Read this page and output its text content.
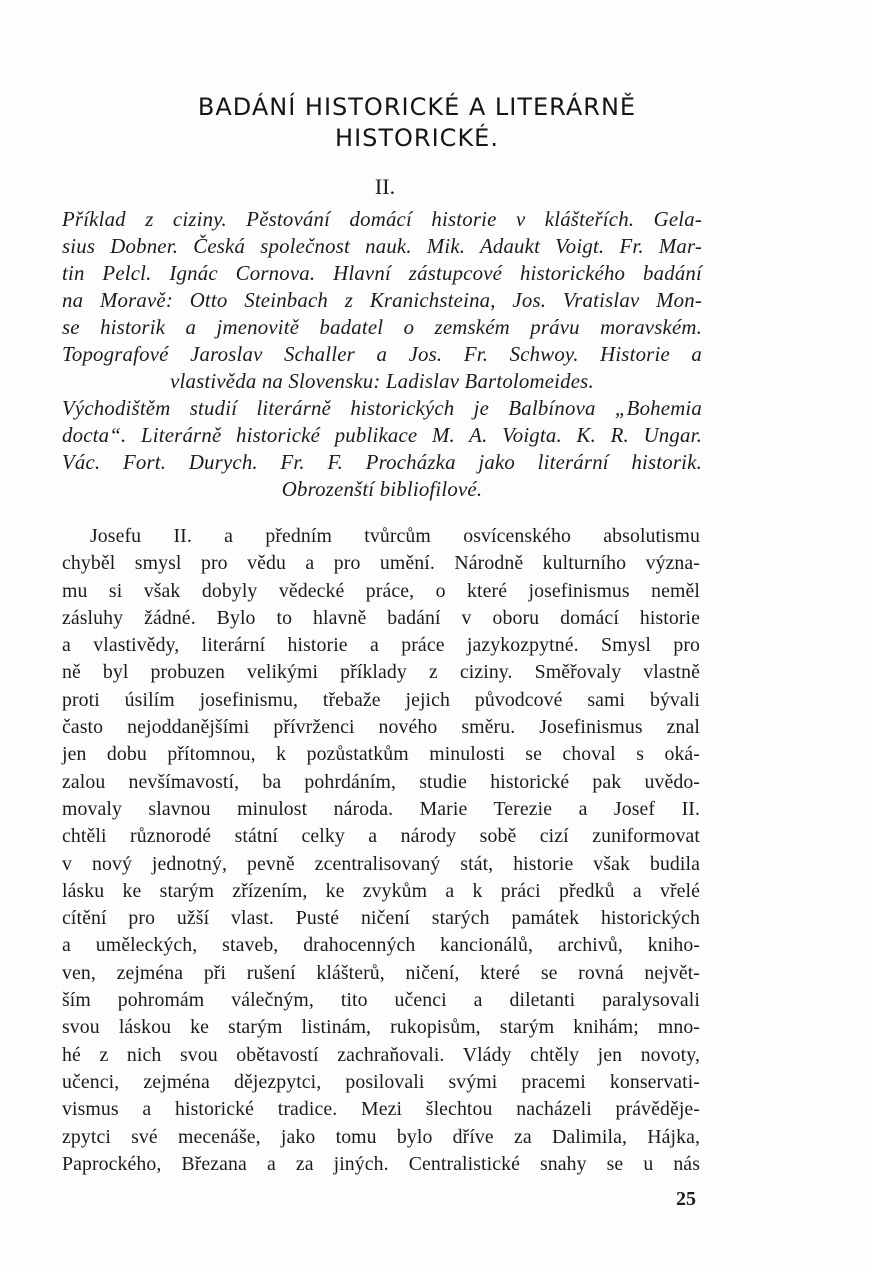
BADÁNÍ HISTORICKÉ A LITERÁRNĚ
HISTORICKÉ.
II.
Příklad z ciziny. Pěstování domácí historie v klášteřích. Gela-
sius Dobner. Česká společnost nauk. Mik. Adaukt Voigt. Fr. Mar-
tin Pelcl. Ignác Cornova. Hlavní zástupcové historického badání
na Moravě: Otto Steinbach z Kranichsteina, Jos. Vratislav Mon-
se historik a jmenovitě badatel o zemském právu moravském.
Topografové Jaroslav Schaller a Jos. Fr. Schwoy. Historie a
vlastivěda na Slovensku: Ladislav Bartolomeides.
Východištěm studií literárně historických je Balbínova „Bohemia
docta“. Literárně historické publikace M. A. Voigta. K. R. Ungar.
Vác. Fort. Durych. Fr. F. Procházka jako literární historik.
Obrozenští bibliofilové.
Josefu II. a předním tvůrcům osvícenského absolutismu
chyběl smysl pro vědu a pro umění. Národně kulturního význa-
mu si však dobyly vědecké práce, o které josefinismus neměl
zásluhy žádné. Bylo to hlavně badání v oboru domácí historie
a vlastivědy, literární historie a práce jazykozpytné. Smysl pro
ně byl probuzen velikými příklady z ciziny. Směřovaly vlastně
proti úsilím josefinismu, třebaže jejich původcové sami bývali
často nejoddanějšími přívrženci nového směru. Josefinismus znal
jen dobu přítomnou, k pozůstatkům minulosti se choval s oká-
zalou nevšímavostí, ba pohrdáním, studie historické pak uvědo-
movaly slavnou minulost národa. Marie Terezie a Josef II.
chtěli různorodé státní celky a národy sobě cizí zuniformovat
v nový jednotný, pevně zcentralisovaný stát, historie však budila
lásku ke starým zřízením, ke zvykům a k práci předků a vřelé
cítění pro užší vlast. Pusté ničení starých památek historických
a uměleckých, staveb, drahocenných kancionálů, archivů, kniho-
ven, zejména při rušení klášterů, ničení, které se rovná největ-
ším pohromám válečným, tito učenci a diletanti paralysovali
svou láskou ke starým listinám, rukopisům, starým knihám; mno-
hé z nich svou obětavostí zachraňovali. Vlády chtěly jen novoty,
učenci, zejména dějezpytci, posilovali svými pracemi konservati-
vismus a historické tradice. Mezi šlechtou nacházeli právěděje-
zpytci své mecenáše, jako tomu bylo dříve za Dalimila, Hájka,
Paprockého, Březana a za jiných. Centralistické snahy se u nás
25
